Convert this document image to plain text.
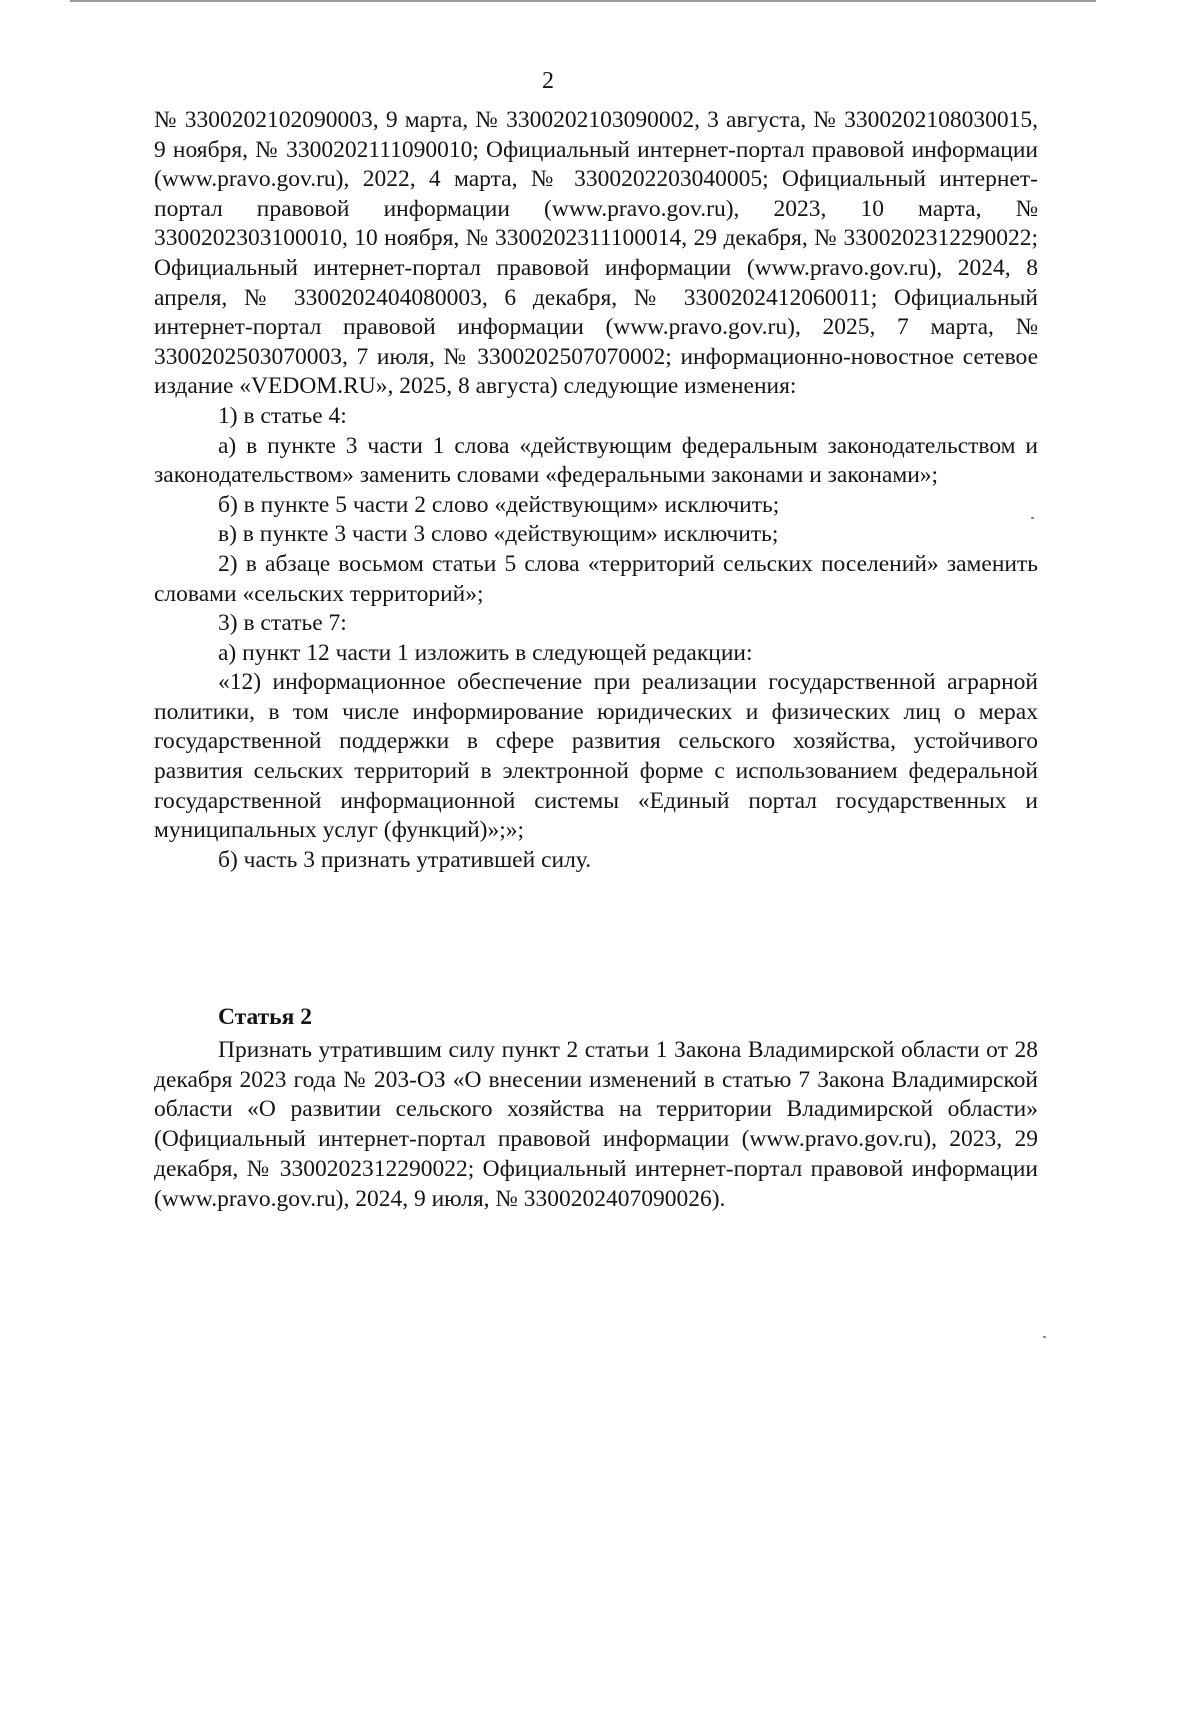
2

№ 3300202102090003, 9 марта, № 3300202103090002, 3 августа, № 3300202108030015, 9 ноября, № 3300202111090010; Официальный интернет-портал правовой информации (www.pravo.gov.ru), 2022, 4 марта, № 3300202203040005; Официальный интернет-портал правовой информации (www.pravo.gov.ru), 2023, 10 марта, № 3300202303100010, 10 ноября, № 3300202311100014, 29 декабря, № 3300202312290022; Официальный интернет-портал правовой информации (www.pravo.gov.ru), 2024, 8 апреля, № 3300202404080003, 6 декабря, № 3300202412060011; Официальный интернет-портал правовой информации (www.pravo.gov.ru), 2025, 7 марта, № 3300202503070003, 7 июля, № 3300202507070002; информационно-новостное сетевое издание «VEDOM.RU», 2025, 8 августа) следующие изменения:

1) в статье 4:

а) в пункте 3 части 1 слова «действующим федеральным законодательством и законодательством» заменить словами «федеральными законами и законами»;

б) в пункте 5 части 2 слово «действующим» исключить;

в) в пункте 3 части 3 слово «действующим» исключить;

2) в абзаце восьмом статьи 5 слова «территорий сельских поселений» заменить словами «сельских территорий»;

3) в статье 7:

а) пункт 12 части 1 изложить в следующей редакции:

«12) информационное обеспечение при реализации государственной аграрной политики, в том числе информирование юридических и физических лиц о мерах государственной поддержки в сфере развития сельского хозяйства, устойчивого развития сельских территорий в электронной форме с использованием федеральной государственной информационной системы «Единый портал государственных и муниципальных услуг (функций)»;»;

б) часть 3 признать утратившей силу.

Статья 2

Признать утратившим силу пункт 2 статьи 1 Закона Владимирской области от 28 декабря 2023 года № 203-ОЗ «О внесении изменений в статью 7 Закона Владимирской области «О развитии сельского хозяйства на территории Владимирской области» (Официальный интернет-портал правовой информации (www.pravo.gov.ru), 2023, 29 декабря, № 3300202312290022; Официальный интернет-портал правовой информации (www.pravo.gov.ru), 2024, 9 июля, № 3300202407090026).
